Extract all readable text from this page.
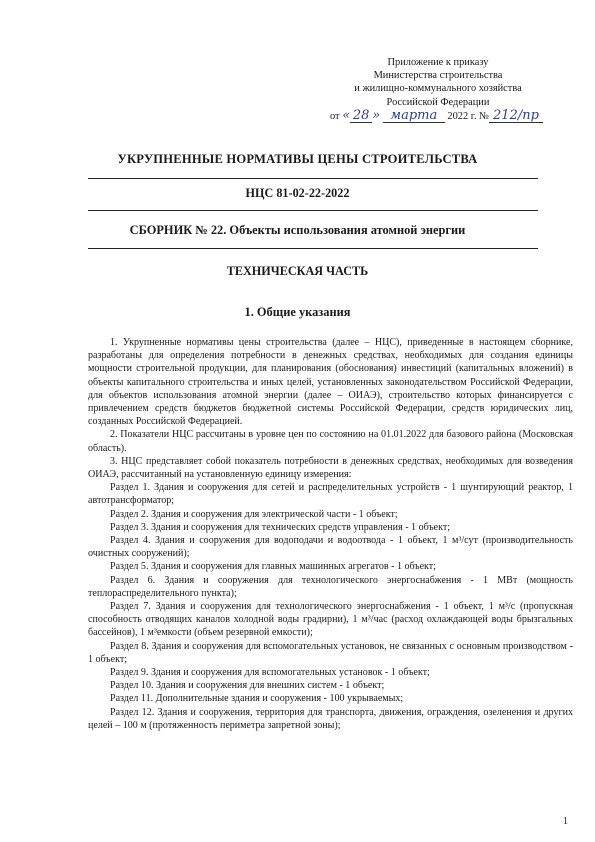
Приложение к приказу
Министерства строительства
и жилищно-коммунального хозяйства
Российской Федерации
от « 28 » марта 2022 г. № 212/пр
УКРУПНЕННЫЕ НОРМАТИВЫ ЦЕНЫ СТРОИТЕЛЬСТВА
НЦС 81-02-22-2022
СБОРНИК № 22. Объекты использования атомной энергии
ТЕХНИЧЕСКАЯ ЧАСТЬ
1. Общие указания

1. Укрупненные нормативы цены строительства (далее – НЦС), приведенные в настоящем сборнике, разработаны для определения потребности в денежных средствах, необходимых для создания единицы мощности строительной продукции, для планирования (обоснования) инвестиций (капитальных вложений) в объекты капитального строительства и иных целей, установленных законодательством Российской Федерации, для объектов использования атомной энергии (далее – ОИАЭ), строительство которых финансируется с привлечением средств бюджетов бюджетной системы Российской Федерации, средств юридических лиц, созданных Российской Федерацией.

2. Показатели НЦС рассчитаны в уровне цен по состоянию на 01.01.2022 для базового района (Московская область).

3. НЦС представляет собой показатель потребности в денежных средствах, необходимых для возведения ОИАЭ, рассчитанный на установленную единицу измерения:

Раздел 1. Здания и сооружения для сетей и распределительных устройств - 1 шунтирующий реактор, 1 автотрансформатор;

Раздел 2. Здания и сооружения для электрической части - 1 объект;

Раздел 3. Здания и сооружения для технических средств управления - 1 объект;

Раздел 4. Здания и сооружения для водоподачи и водоотвода - 1 объект, 1 м³/сут (производительность очистных сооружений);

Раздел 5. Здания и сооружения для главных машинных агрегатов - 1 объект;

Раздел 6. Здания и сооружения для технологического энергоснабжения - 1 МВт (мощность теплораспределительного пункта);

Раздел 7. Здания и сооружения для технологического энергоснабжения - 1 объект, 1 м³/с (пропускная способность отводящих каналов холодной воды градирни), 1 м³/час (расход охлаждающей воды брызгальных бассейнов), 1 м³емкости (объем резервной емкости);

Раздел 8. Здания и сооружения для вспомогательных установок, не связанных с основным производством - 1 объект;

Раздел 9. Здания и сооружения для вспомогательных установок - 1 объект;

Раздел 10. Здания и сооружения для внешних систем - 1 объект;

Раздел 11. Дополнительные здания и сооружения - 100 укрываемых;

Раздел 12. Здания и сооружения, территория для транспорта, движения, ограждения, озеленения и других целей – 100 м (протяженность периметра запретной зоны);

1
